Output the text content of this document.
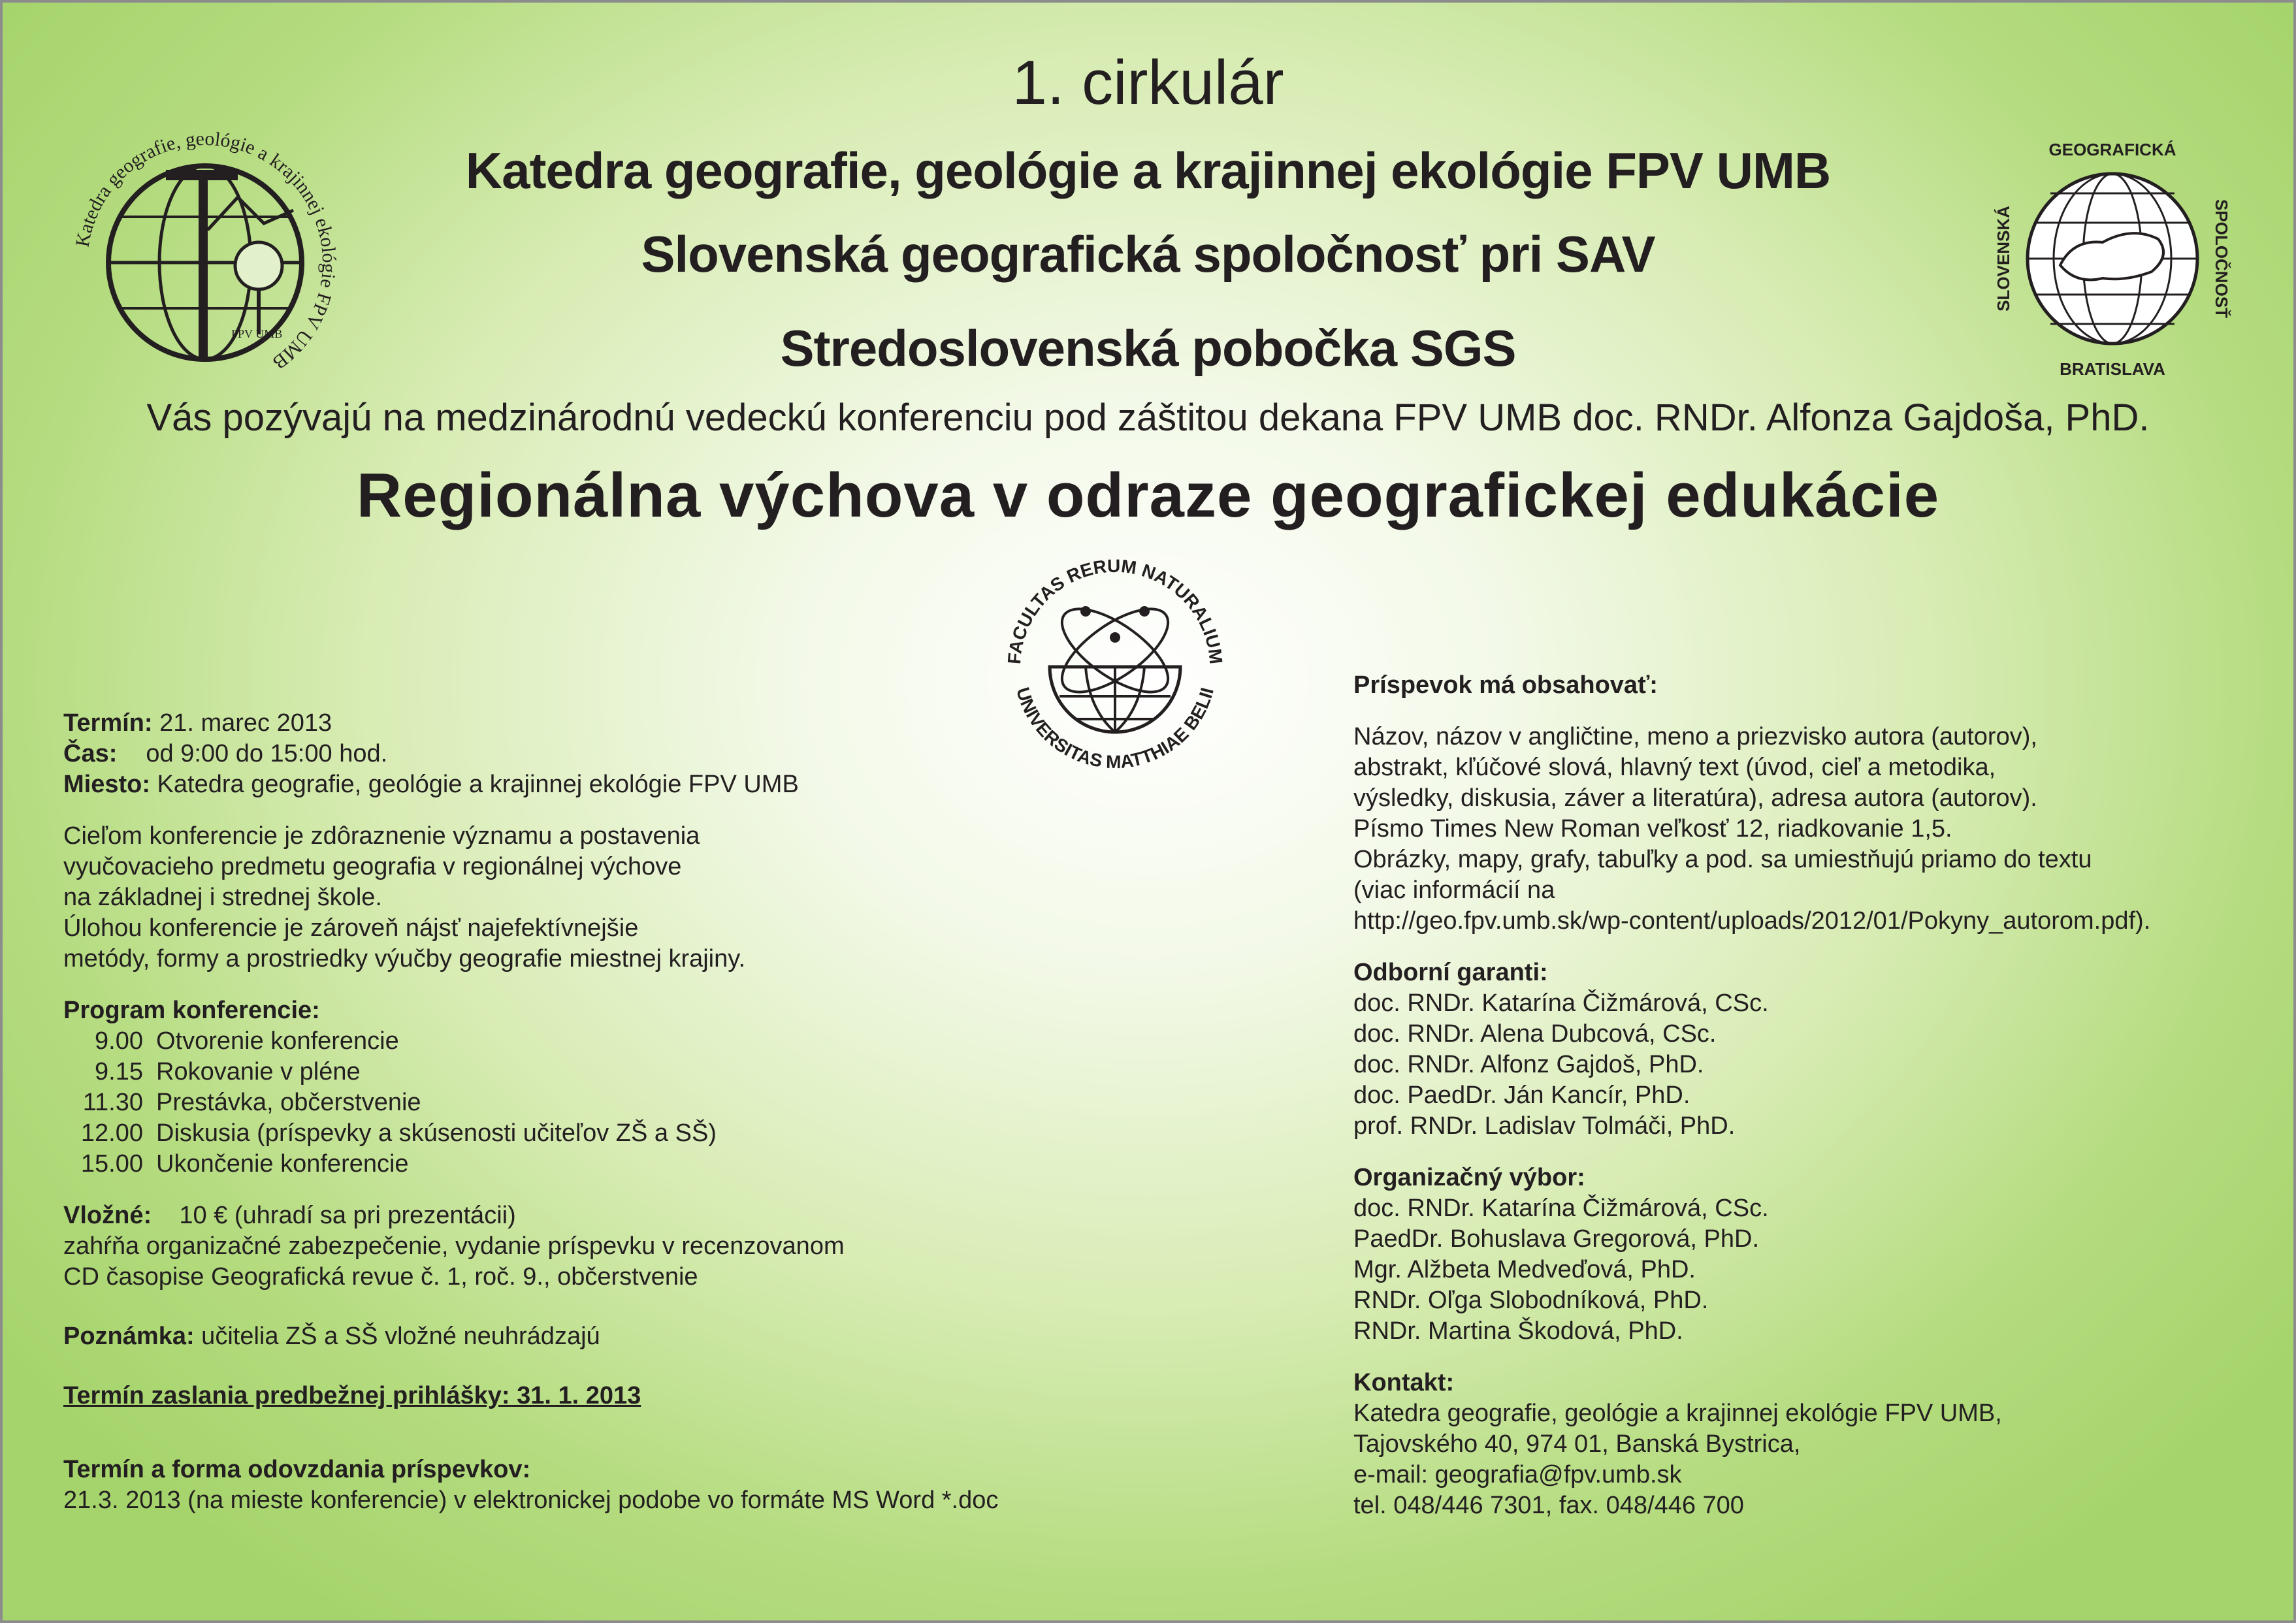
1. cirkulár
Katedra geografie, geológie a krajinnej ekológie FPV UMB
Slovenská geografická spoločnosť pri SAV
Stredoslovenská pobočka SGS
Vás pozývajú na medzinárodnú vedeckú konferenciu pod záštitou dekana FPV UMB doc. RNDr. Alfonza Gajdoša, PhD.
Regionálna výchova v odraze geografickej edukácie
Katedra geografie, geológie a krajinnej ekológie FPV UMB
FPV UMB
GEOGRAFICKÁ
BRATISLAVA
SLOVENSKÁ	SPOLOČNOSŤ
FACULTAS RERUM NATURALIUM
UNIVERSITAS MATTHIAE BELII

Termín: 21. marec 2013

Čas: od 9:00 do 15:00 hod.

Miesto: Katedra geografie, geológie a krajinnej ekológie FPV UMB

Cieľom konferencie je zdôraznenie významu a postavenia

vyučovacieho predmetu geografia v regionálnej výchove

na základnej i strednej škole.

Úlohou konferencie je zároveň nájsť najefektívnejšie

metódy, formy a prostriedky výučby geografie miestnej krajiny.

Program konferencie:

9.00 Otvorenie konferencie

9.15 Rokovanie v pléne

11.30 Prestávka, občerstvenie

12.00 Diskusia (príspevky a skúsenosti učiteľov ZŠ a SŠ)

15.00 Ukončenie konferencie

Vložné: 10 € (uhradí sa pri prezentácii)

zahŕňa organizačné zabezpečenie, vydanie príspevku v recenzovanom

CD časopise Geografická revue č. 1, roč. 9., občerstvenie

Poznámka: učitelia ZŠ a SŠ vložné neuhrádzajú

Termín zaslania predbežnej prihlášky: 31. 1. 2013

Termín a forma odovzdania príspevkov:

21.3. 2013 (na mieste konferencie) v elektronickej podobe vo formáte MS Word *.doc

Príspevok má obsahovať:

Názov, názov v angličtine, meno a priezvisko autora (autorov),

abstrakt, kľúčové slová, hlavný text (úvod, cieľ a metodika,

výsledky, diskusia, záver a literatúra), adresa autora (autorov).

Písmo Times New Roman veľkosť 12, riadkovanie 1,5.

Obrázky, mapy, grafy, tabuľky a pod. sa umiestňujú priamo do textu

(viac informácií na

http://geo.fpv.umb.sk/wp-content/uploads/2012/01/Pokyny_autorom.pdf).

Odborní garanti:

doc. RNDr. Katarína Čižmárová, CSc.

doc. RNDr. Alena Dubcová, CSc.

doc. RNDr. Alfonz Gajdoš, PhD.

doc. PaedDr. Ján Kancír, PhD.

prof. RNDr. Ladislav Tolmáči, PhD.

Organizačný výbor:

doc. RNDr. Katarína Čižmárová, CSc.

PaedDr. Bohuslava Gregorová, PhD.

Mgr. Alžbeta Medveďová, PhD.

RNDr. Oľga Slobodníková, PhD.

RNDr. Martina Škodová, PhD.

Kontakt:

Katedra geografie, geológie a krajinnej ekológie FPV UMB,

Tajovského 40, 974 01, Banská Bystrica,

e-mail: geografia@fpv.umb.sk

tel. 048/446 7301, fax. 048/446 700
